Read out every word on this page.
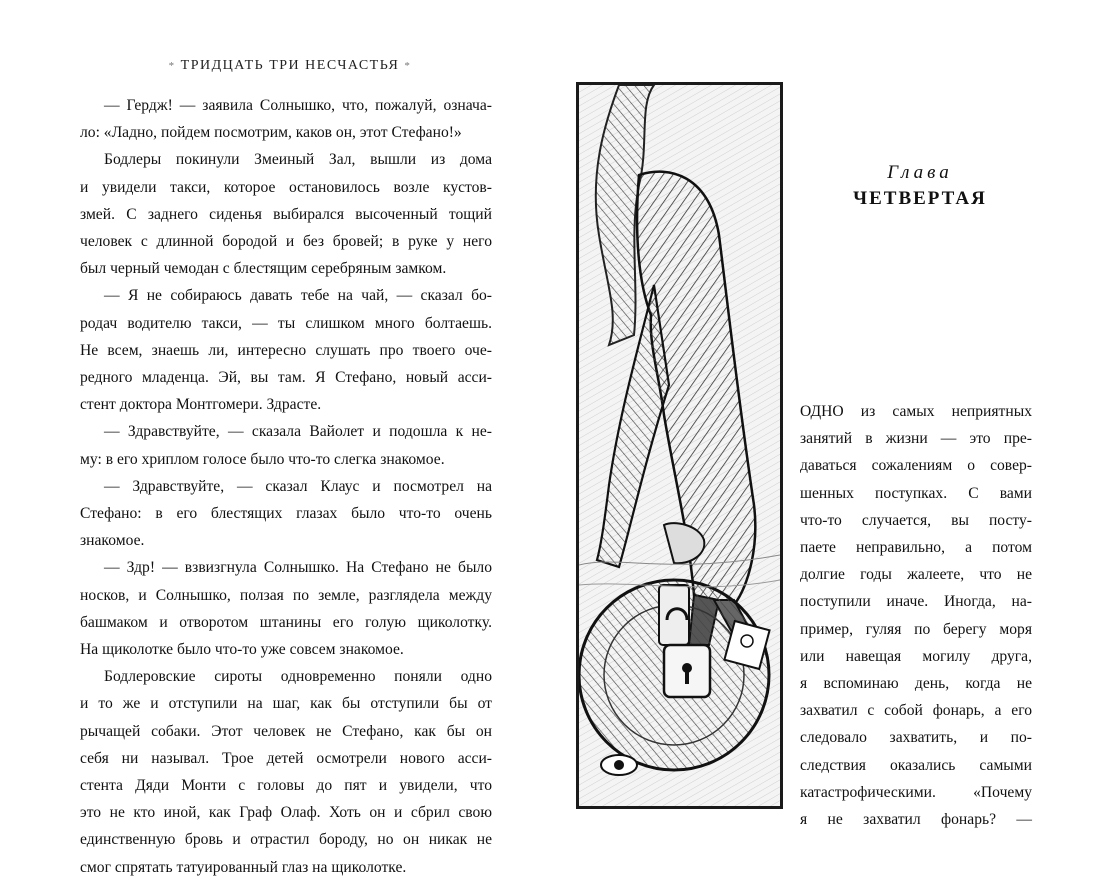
* ТРИДЦАТЬ ТРИ НЕСЧАСТЬЯ *

— Гердж! — заявила Солнышко, что, пожалуй, означа-
ло: «Ладно, пойдем посмотрим, каков он, этот Стефано!»

Бодлеры покинули Змеиный Зал, вышли из дома
и увидели такси, которое остановилось возле кустов-
змей. С заднего сиденья выбирался высоченный тощий
человек с длинной бородой и без бровей; в руке у него
был черный чемодан с блестящим серебряным замком.

— Я не собираюсь давать тебе на чай, — сказал бо-
родач водителю такси, — ты слишком много болтаешь.
Не всем, знаешь ли, интересно слушать про твоего оче-
редного младенца. Эй, вы там. Я Стефано, новый асси-
стент доктора Монтгомери. Здрасте.

— Здравствуйте, — сказала Вайолет и подошла к не-
му: в его хриплом голосе было что-то слегка знакомое.

— Здравствуйте, — сказал Клаус и посмотрел на
Стефано: в его блестящих глазах было что-то очень
знакомое.

— Здр! — взвизгнула Солнышко. На Стефано не было
носков, и Солнышко, ползая по земле, разглядела между
башмаком и отворотом штанины его голую щиколотку.
На щиколотке было что-то уже совсем знакомое.

Бодлеровские сироты одновременно поняли одно
и то же и отступили на шаг, как бы отступили бы от
рычащей собаки. Этот человек не Стефано, как бы он
себя ни называл. Трое детей осмотрели нового асси-
стента Дяди Монти с головы до пят и увидели, что
это не кто иной, как Граф Олаф. Хоть он и сбрил свою
единственную бровь и отрастил бороду, но он никак не
смог спрятать татуированный глаз на щиколотке.

Глава
ЧЕТВЕРТАЯ
ОДНО из самых неприятных
занятий в жизни — это пре-
даваться сожалениям о совер-
шенных поступках. С вами
что-то случается, вы посту-
паете неправильно, а потом
долгие годы жалеете, что не
поступили иначе. Иногда, на-
пример, гуляя по берегу моря
или навещая могилу друга,
я вспоминаю день, когда не
захватил с собой фонарь, а его
следовало захватить, и по-
следствия оказались самыми
катастрофическими. «Почему
я не захватил фонарь? —
